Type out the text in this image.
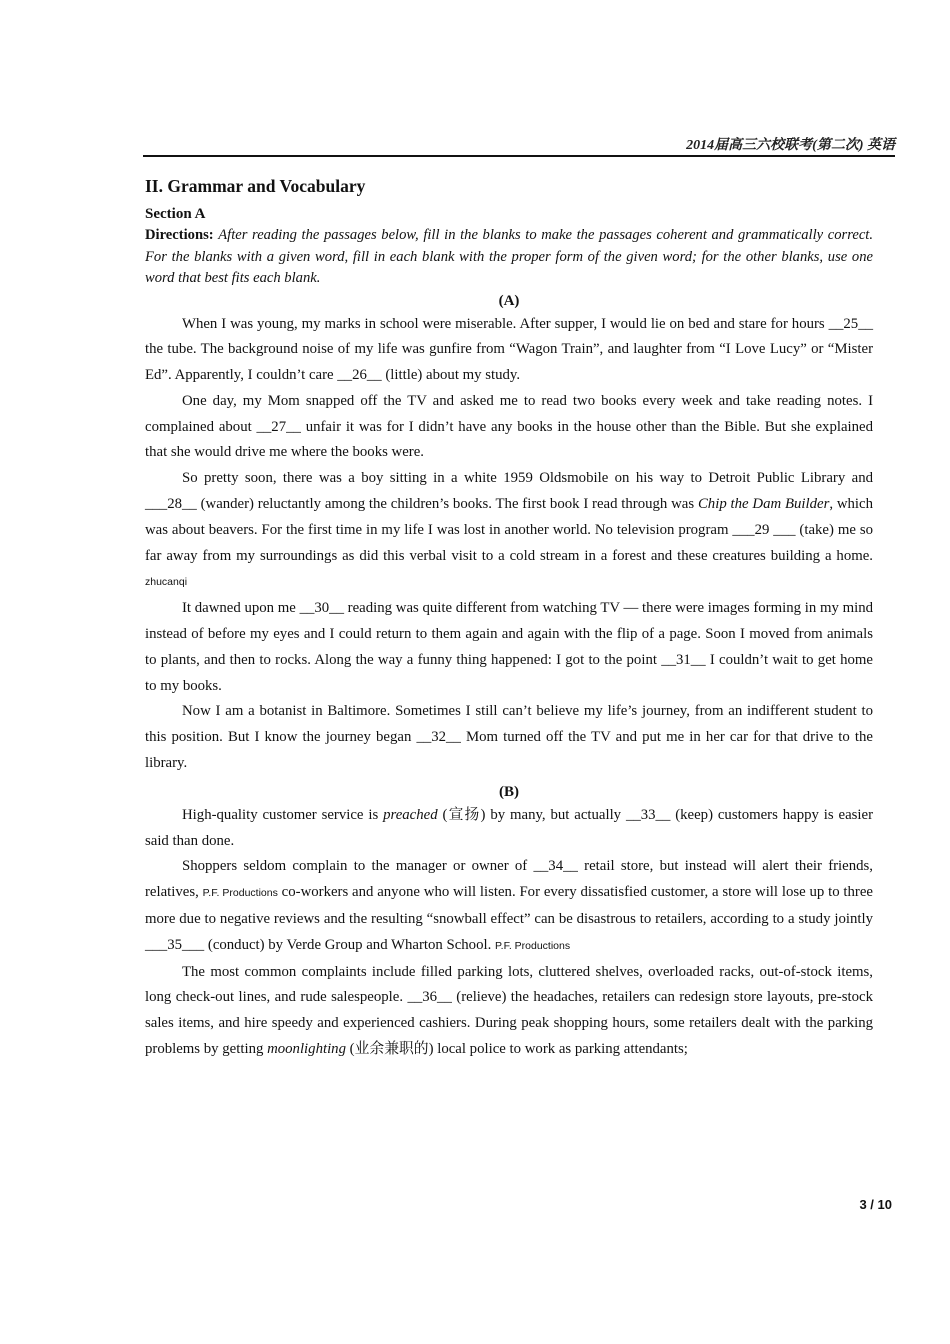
2014届高三六校联考(第二次) 英语
II. Grammar and Vocabulary
Section A

Directions: After reading the passages below, fill in the blanks to make the passages coherent and grammatically correct. For the blanks with a given word, fill in each blank with the proper form of the given word; for the other blanks, use one word that best fits each blank.

(A)

When I was young, my marks in school were miserable. After supper, I would lie on bed and stare for hours __25__ the tube. The background noise of my life was gunfire from “Wagon Train”, and laughter from “I Love Lucy” or “Mister Ed”. Apparently, I couldn’t care __26__ (little) about my study.

One day, my Mom snapped off the TV and asked me to read two books every week and take reading notes. I complained about __27__ unfair it was for I didn’t have any books in the house other than the Bible. But she explained that she would drive me where the books were.

So pretty soon, there was a boy sitting in a white 1959 Oldsmobile on his way to Detroit Public Library and ___28__ (wander) reluctantly among the children’s books. The first book I read through was Chip the Dam Builder, which was about beavers. For the first time in my life I was lost in another world. No television program ___29 ___ (take) me so far away from my surroundings as did this verbal visit to a cold stream in a forest and these creatures building a home. zhucanqi

It dawned upon me __30__ reading was quite different from watching TV — there were images forming in my mind instead of before my eyes and I could return to them again and again with the flip of a page. Soon I moved from animals to plants, and then to rocks. Along the way a funny thing happened: I got to the point __31__ I couldn’t wait to get home to my books.

Now I am a botanist in Baltimore. Sometimes I still can’t believe my life’s journey, from an indifferent student to this position. But I know the journey began __32__ Mom turned off the TV and put me in her car for that drive to the library.

(B)

High-quality customer service is preached (宣扬) by many, but actually __33__ (keep) customers happy is easier said than done.

Shoppers seldom complain to the manager or owner of __34__ retail store, but instead will alert their friends, relatives, P.F. Productions co-workers and anyone who will listen. For every dissatisfied customer, a store will lose up to three more due to negative reviews and the resulting “snowball effect” can be disastrous to retailers, according to a study jointly ___35___ (conduct) by Verde Group and Wharton School. P.F. Productions

The most common complaints include filled parking lots, cluttered shelves, overloaded racks, out-of-stock items, long check-out lines, and rude salespeople. __36__ (relieve) the headaches, retailers can redesign store layouts, pre-stock sales items, and hire speedy and experienced cashiers. During peak shopping hours, some retailers dealt with the parking problems by getting moonlighting (业余兼职的) local police to work as parking attendants;

3 / 10
